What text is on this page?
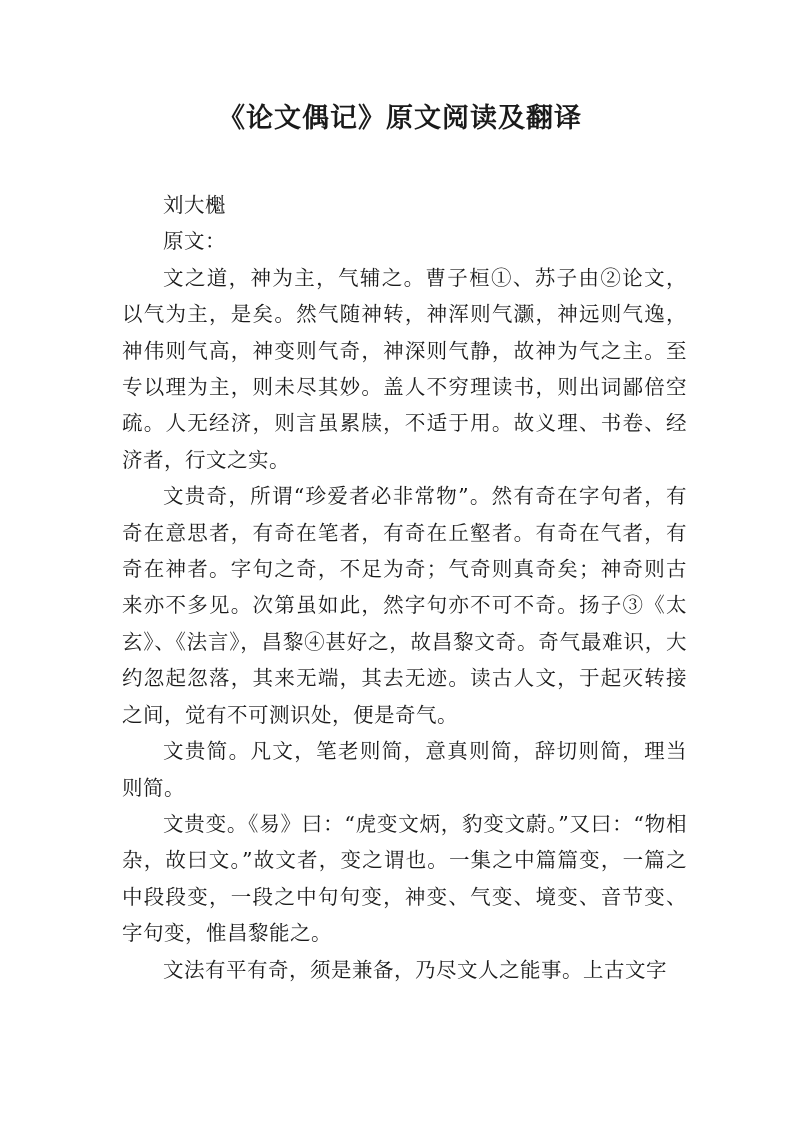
《论文偶记》原文阅读及翻译

刘大櫆

原文：

文之道，神为主，气辅之。曹子桓①、苏子由②论文，以气为主，是矣。然气随神转，神浑则气灏，神远则气逸，神伟则气高，神变则气奇，神深则气静，故神为气之主。至专以理为主，则未尽其妙。盖人不穷理读书，则出词鄙倍空疏。人无经济，则言虽累牍，不适于用。故义理、书卷、经济者，行文之实。

文贵奇，所谓“珍爱者必非常物”。然有奇在字句者，有奇在意思者，有奇在笔者，有奇在丘壑者。有奇在气者，有奇在神者。字句之奇，不足为奇；气奇则真奇矣；神奇则古来亦不多见。次第虽如此，然字句亦不可不奇。扬子③《太玄》、《法言》，昌黎④甚好之，故昌黎文奇。奇气最难识，大约忽起忽落，其来无端，其去无迹。读古人文，于起灭转接之间，觉有不可测识处，便是奇气。

文贵简。凡文，笔老则简，意真则简，辞切则简，理当则简。

文贵变。《易》曰：“虎变文炳，豹变文蔚。”又曰：“物相杂，故曰文。”故文者，变之谓也。一集之中篇篇变，一篇之中段段变，一段之中句句变，神变、气变、境变、音节变、字句变，惟昌黎能之。

文法有平有奇，须是兼备，乃尽文人之能事。上古文字
